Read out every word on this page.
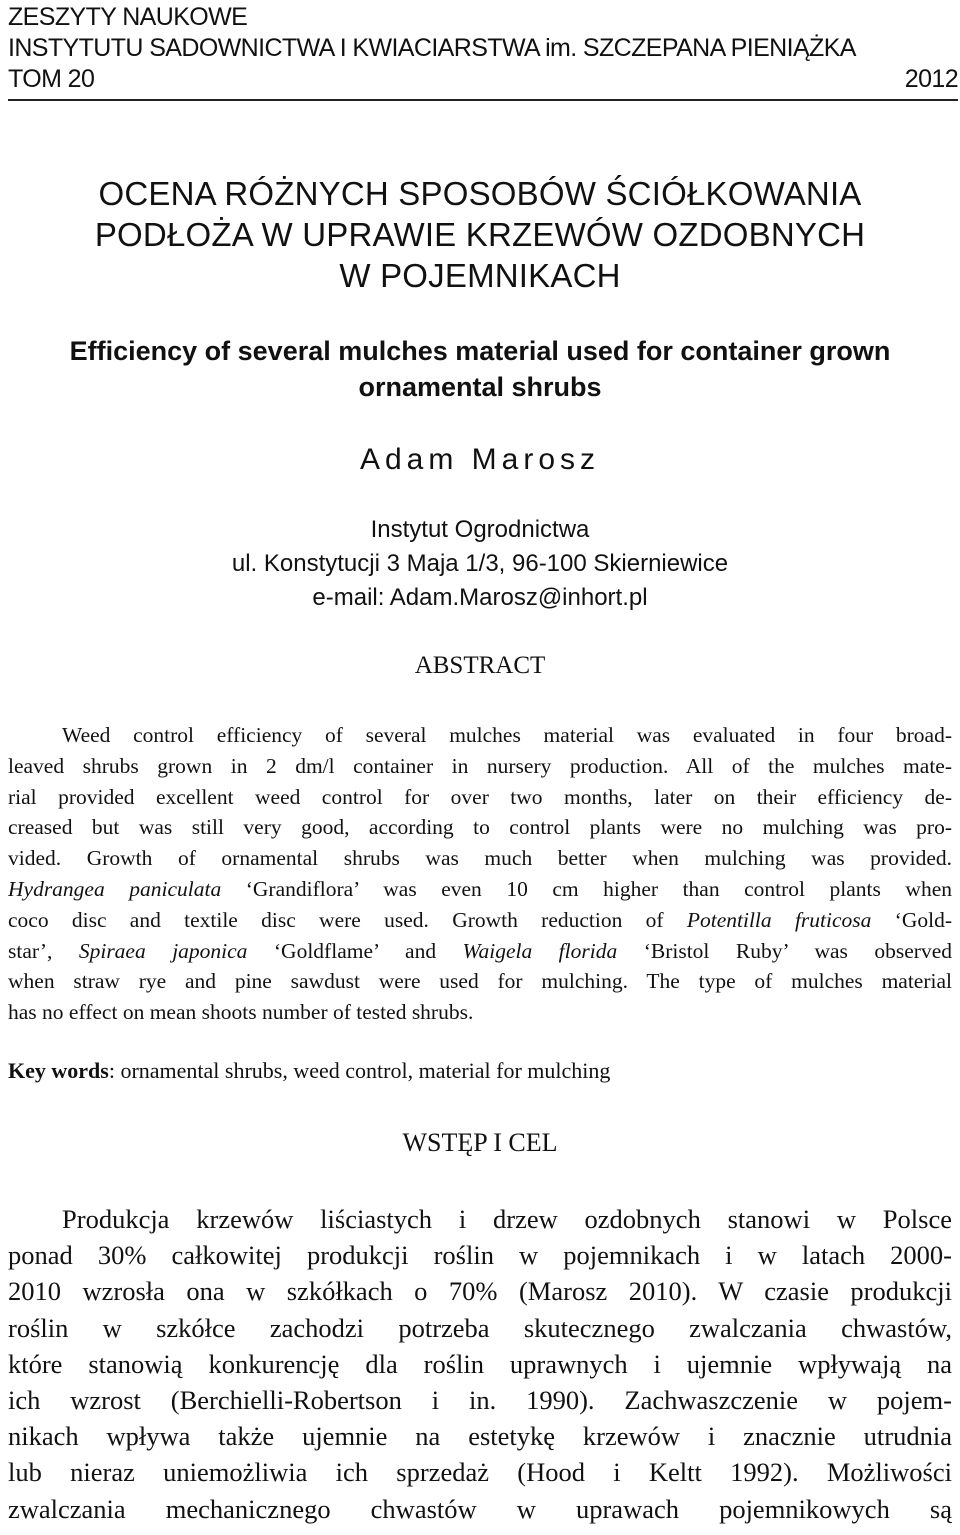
ZESZYTY NAUKOWE
INSTYTUTU SADOWNICTWA I KWIACIARSTWA im. SZCZEPANA PIENIĄŻKA
TOM 20	2012
OCENA RÓŻNYCH SPOSOBÓW ŚCIÓŁKOWANIA
PODŁOŻA W UPRAWIE KRZEWÓW OZDOBNYCH
W POJEMNIKACH
Efficiency of several mulches material used for container grown
ornamental shrubs
Adam Marosz
Instytut Ogrodnictwa
ul. Konstytucji 3 Maja 1/3, 96-100 Skierniewice
e-mail: Adam.Marosz@inhort.pl
ABSTRACT
Weed control efficiency of several mulches material was evaluated in four broad-
leaved shrubs grown in 2 dm/l container in nursery production. All of the mulches mate-
rial provided excellent weed control for over two months, later on their efficiency de-
creased but was still very good, according to control plants were no mulching was pro-
vided. Growth of ornamental shrubs was much better when mulching was provided.
Hydrangea paniculata ‘Grandiflora’ was even 10 cm higher than control plants when
coco disc and textile disc were used. Growth reduction of Potentilla fruticosa ‘Gold-
star’, Spiraea japonica ‘Goldflame’ and Waigela florida ‘Bristol Ruby’ was observed
when straw rye and pine sawdust were used for mulching. The type of mulches material
has no effect on mean shoots number of tested shrubs.
Key words: ornamental shrubs, weed control, material for mulching
WSTĘP I CEL
Produkcja krzewów liściastych i drzew ozdobnych stanowi w Polsce
ponad 30% całkowitej produkcji roślin w pojemnikach i w latach 2000-
2010 wzrosła ona w szkółkach o 70% (Marosz 2010). W czasie produkcji
roślin w szkółce zachodzi potrzeba skutecznego zwalczania chwastów,
które stanowią konkurencję dla roślin uprawnych i ujemnie wpływają na
ich wzrost (Berchielli-Robertson i in. 1990). Zachwaszczenie w pojem-
nikach wpływa także ujemnie na estetykę krzewów i znacznie utrudnia
lub nieraz uniemożliwia ich sprzedaż (Hood i Keltt 1992). Możliwości
zwalczania mechanicznego chwastów w uprawach pojemnikowych są
